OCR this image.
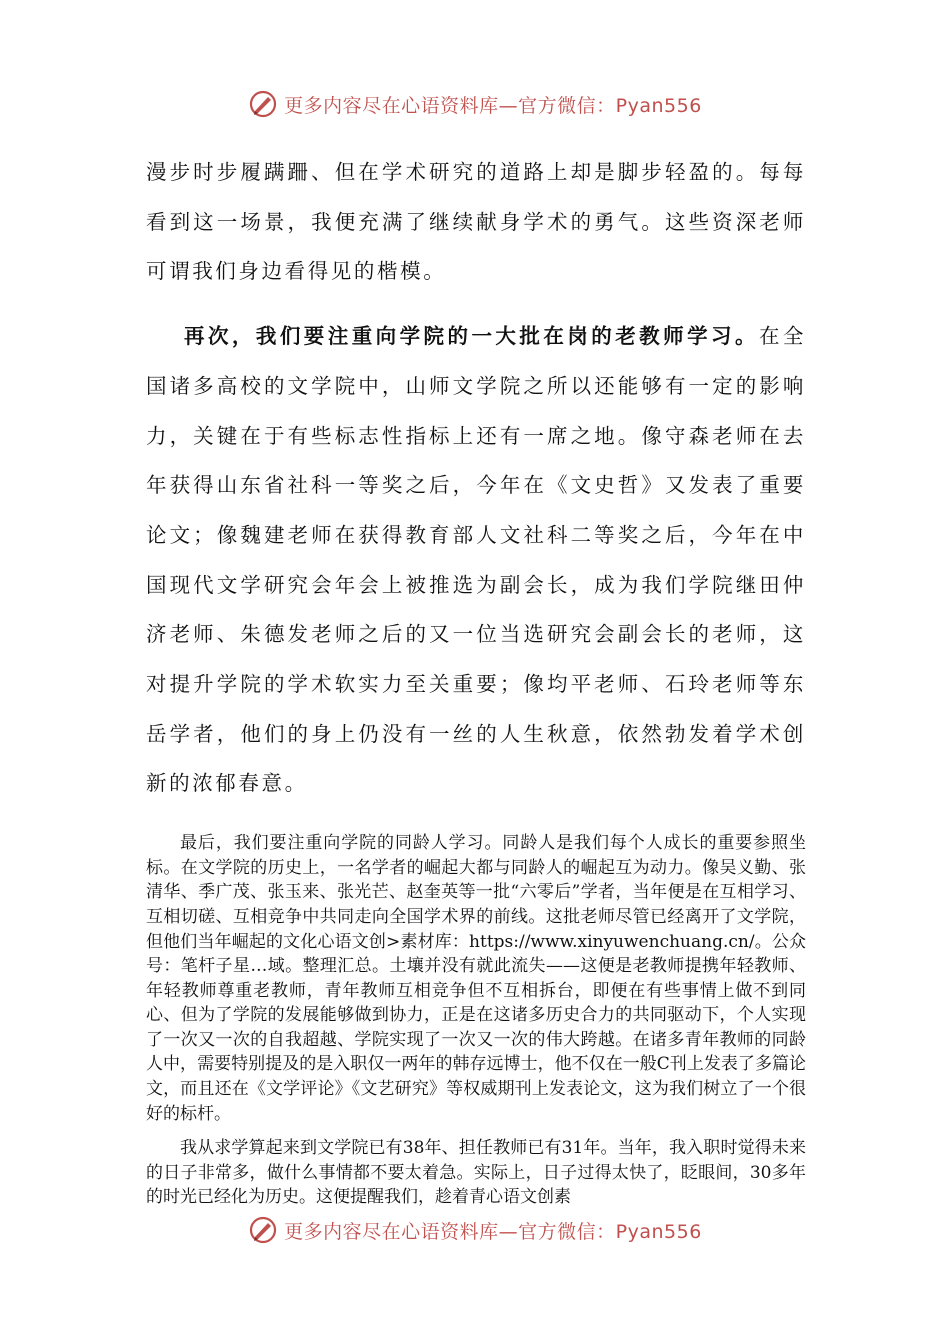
更多内容尽在心语资料库—官方微信：Pyan556

漫步时步履蹒跚、但在学术研究的道路上却是脚步轻盈的。每每看到这一场景，我便充满了继续献身学术的勇气。这些资深老师可谓我们身边看得见的楷模。

再次，我们要注重向学院的一大批在岗的老教师学习。在全国诸多高校的文学院中，山师文学院之所以还能够有一定的影响力，关键在于有些标志性指标上还有一席之地。像守森老师在去年获得山东省社科一等奖之后，今年在《文史哲》又发表了重要论文；像魏建老师在获得教育部人文社科二等奖之后，今年在中国现代文学研究会年会上被推选为副会长，成为我们学院继田仲济老师、朱德发老师之后的又一位当选研究会副会长的老师，这对提升学院的学术软实力至关重要；像均平老师、石玲老师等东岳学者，他们的身上仍没有一丝的人生秋意，依然勃发着学术创新的浓郁春意。

最后，我们要注重向学院的同龄人学习。同龄人是我们每个人成长的重要参照坐标。在文学院的历史上，一名学者的崛起大都与同龄人的崛起互为动力。像吴义勤、张清华、季广茂、张玉来、张光芒、赵奎英等一批“六零后”学者，当年便是在互相学习、互相切磋、互相竞争中共同走向全国学术界的前线。这批老师尽管已经离开了文学院，但他们当年崛起的文化心语文创>素材库：https://www.xinyuwenchuang.cn/。公众号：笔杆子星…域。整理汇总。土壤并没有就此流失——这便是老教师提携年轻教师、年轻教师尊重老教师，青年教师互相竞争但不互相拆台，即便在有些事情上做不到同心、但为了学院的发展能够做到协力，正是在这诸多历史合力的共同驱动下，个人实现了一次又一次的自我超越、学院实现了一次又一次的伟大跨越。在诸多青年教师的同龄人中，需要特别提及的是入职仅一两年的韩存远博士，他不仅在一般C刊上发表了多篇论文，而且还在《文学评论》《文艺研究》等权威期刊上发表论文，这为我们树立了一个很好的标杆。

我从求学算起来到文学院已有38年、担任教师已有31年。当年，我入职时觉得未来的日子非常多，做什么事情都不要太着急。实际上，日子过得太快了，眨眼间，30多年的时光已经化为历史。这便提醒我们，趁着青心语文创素

更多内容尽在心语资料库—官方微信：Pyan556
